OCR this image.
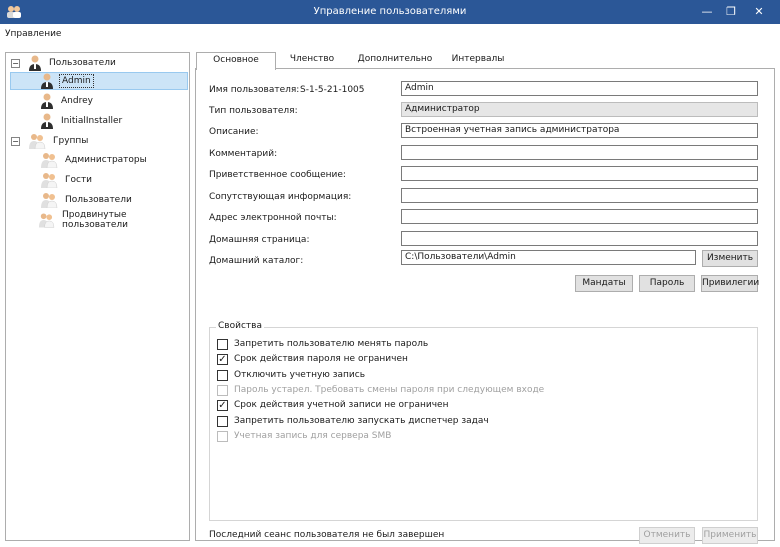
Управление пользователями	—	❐	✕
Управление
−	Пользователи
Admin
Andrey
InitialInstaller
−	Группы
Администраторы
Гости
Пользователи
Продвинутые пользователи
Основное	Членство	Дополнительно	Интервалы
Имя пользователя: S-1-5-21-1005	Admin
Тип пользователя:	Администратор
Описание:	Встроенная учетная запись администратора
Комментарий:
Приветственное сообщение:
Сопутствующая информация:
Адрес электронной почты:
Домашняя страница:
Домашний каталог:	C:\Пользователи\Admin	Изменить
Мандаты	Пароль	Привилегии
Свойства
Запретить пользователю менять пароль
✓ Срок действия пароля не ограничен
Отключить учетную запись
Пароль устарел. Требовать смены пароля при следующем входе
✓ Срок действия учетной записи не ограничен
Запретить пользователю запускать диспетчер задач
Учетная запись для сервера SMB
Последний сеанс пользователя не был завершен	Отменить	Применить
